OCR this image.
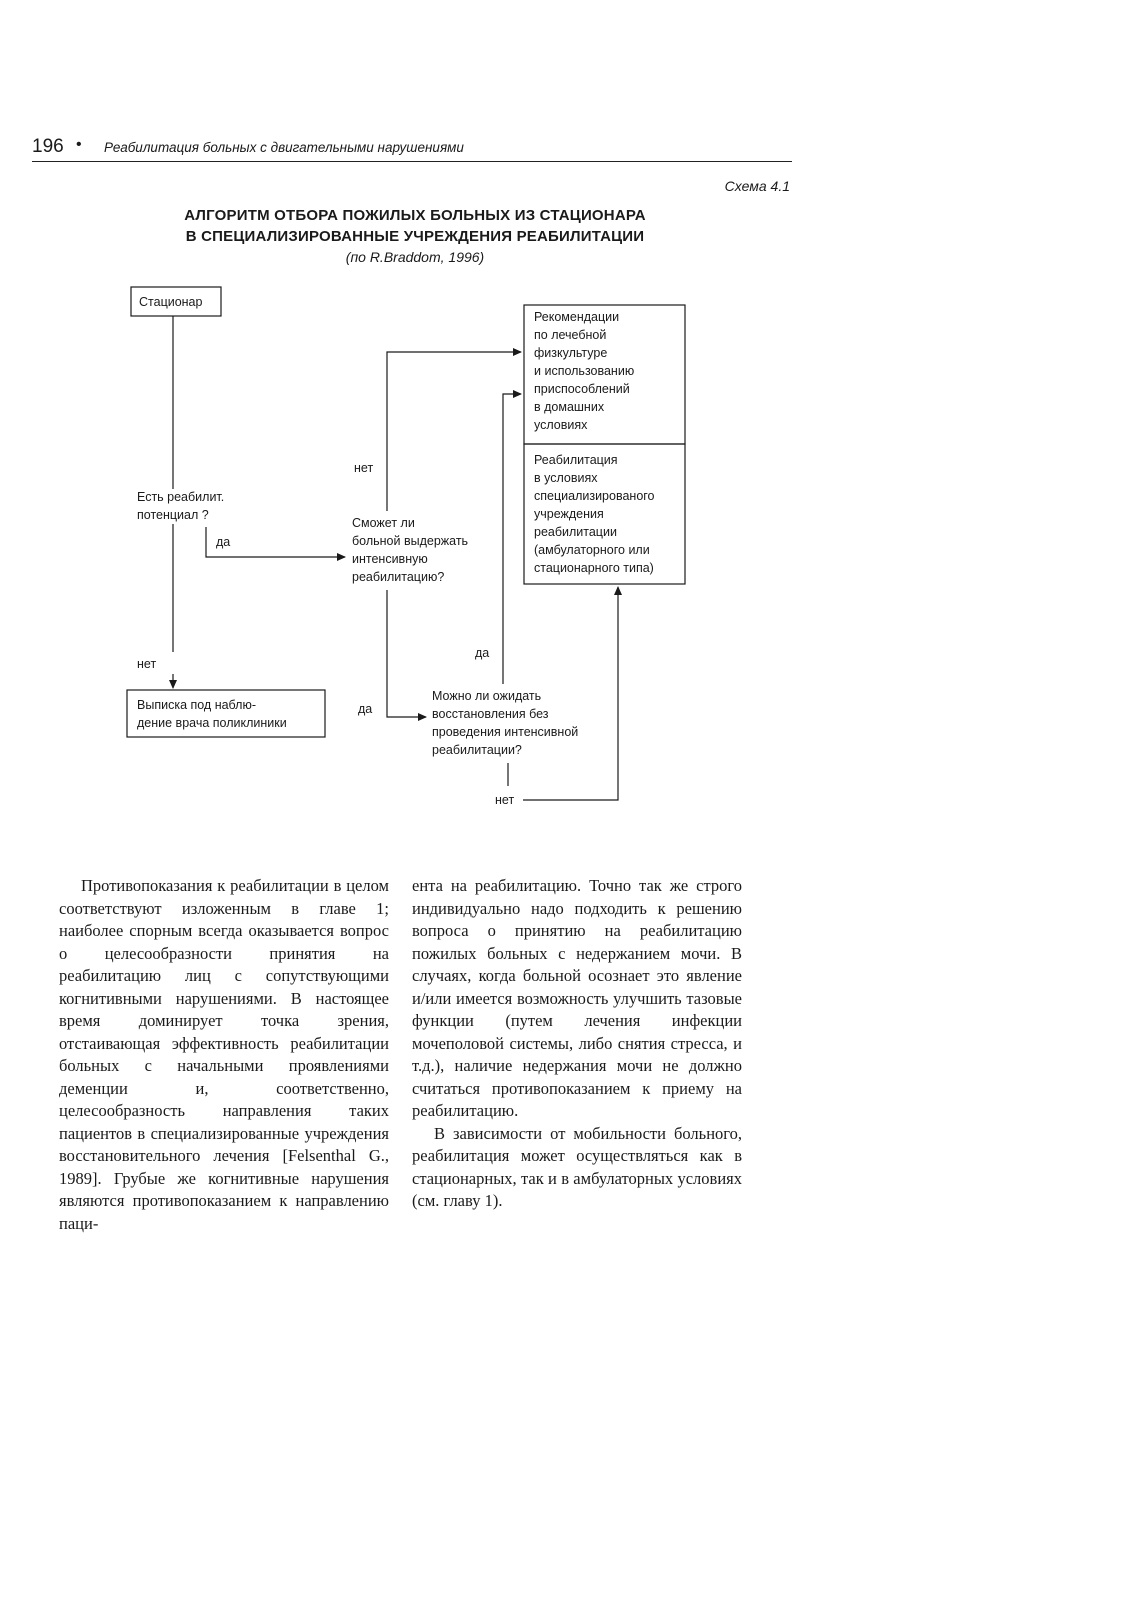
196 • Реабилитация больных с двигательными нарушениями
Схема 4.1
АЛГОРИТМ ОТБОРА ПОЖИЛЫХ БОЛЬНЫХ ИЗ СТАЦИОНАРА
В СПЕЦИАЛИЗИРОВАННЫЕ УЧРЕЖДЕНИЯ РЕАБИЛИТАЦИИ
(по R.Braddom, 1996)
Стационар
Рекомендации по лечебной физкультуре и использованию приспособлений в домашних условиях
Реабилитация в условиях специализированого учреждения реабилитации (амбулаторного или стационарного типа)
Выписка под наблю- дение врача поликлиники
Есть реабилит. потенциал ?
Сможет ли больной выдержать интенсивную реабилитацию?
Можно ли ожидать восстановления без проведения интенсивной реабилитации?
нет
да
нет
да
да
нет

Противопоказания к реабилитации в целом соответствуют изложенным в главе 1; наиболее спорным всегда оказывается вопрос о целесообразности принятия на реабилитацию лиц с сопутствующими когнитивными нарушениями. В настоящее время доминирует точка зрения, отстаивающая эффективность реабилитации больных с начальными проявлениями деменции и, соответственно, целесообразность направления таких пациентов в специализированные учреждения восстановительного лечения [Felsenthal G., 1989]. Грубые же когнитивные нарушения являются противопоказанием к направлению паци-

ента на реабилитацию. Точно так же строго индивидуально надо подходить к решению вопроса о принятию на реабилитацию пожилых больных с недержанием мочи. В случаях, когда больной осознает это явление и/или имеется возможность улучшить тазовые функции (путем лечения инфекции мочеполовой системы, либо снятия стресса, и т.д.), наличие недержания мочи не должно считаться противопоказанием к приему на реабилитацию.

В зависимости от мобильности больного, реабилитация может осуществляться как в стационарных, так и в амбулаторных условиях (см. главу 1).
